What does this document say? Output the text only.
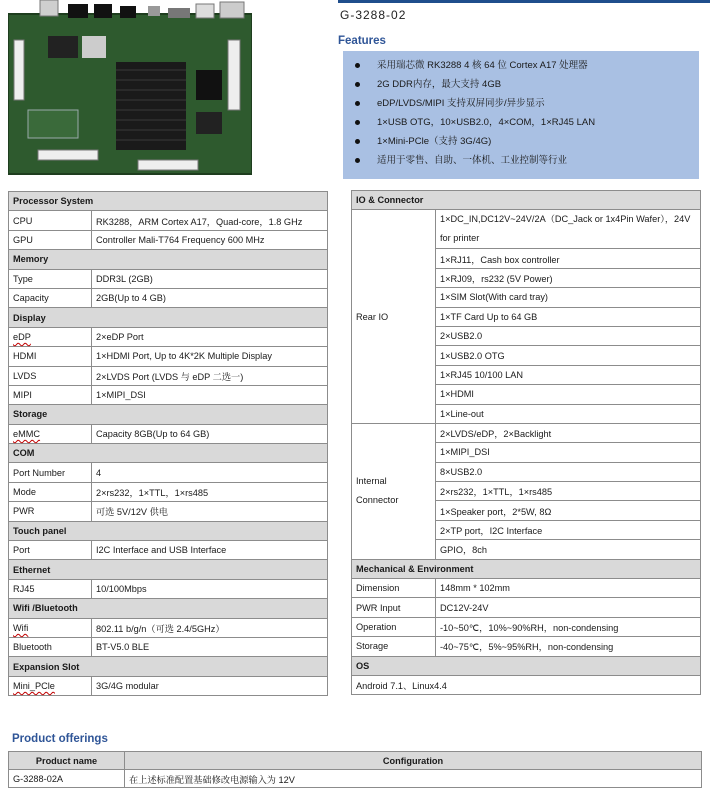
G-3288-02
Features
采用瑞芯微 RK3288 4 核 64 位 Cortex A17 处理器
2G DDR内存，最大支持 4GB
eDP/LVDS/MIPI 支持双屏同步/异步显示
1×USB OTG，10×USB2.0，4×COM，1×RJ45 LAN
1×Mini-PCle（支持 3G/4G)
适用于零售、自助、一体机、工业控制等行业
Processor System	
CPU	RK3288，ARM Cortex A17，Quad-core，1.8 GHz
GPU	Controller Mali-T764 Frequency 600 MHz
Memory	
Type	DDR3L (2GB)
Capacity	2GB(Up to 4 GB)
Display	
eDP	2×eDP Port
HDMI	1×HDMI Port, Up to 4K*2K Multiple Display
LVDS	2×LVDS Port (LVDS 与 eDP 二选一)
MIPI	1×MIPI_DSI
Storage	
eMMC	Capacity 8GB(Up to 64 GB)
COM	
Port Number	4
Mode	2×rs232，1×TTL，1×rs485
PWR	可选 5V/12V 供电
Touch panel	
Port	I2C Interface and USB Interface
Ethernet	
RJ45	10/100Mbps
Wifi /Bluetooth	
Wifi	802.11 b/g/n（可选 2.4/5GHz）
Bluetooth	BT-V5.0 BLE
Expansion Slot	
Mini_PCle	3G/4G modular
IO & Connector	
Rear IO	1×DC_IN,DC12V~24V/2A（DC_Jack or 1x4Pin Wafer），24V for printer
	1×RJ11，Cash box controller
	1×RJ09，rs232 (5V Power)
	1×SIM Slot(With card tray)
	1×TF Card Up to 64 GB
	2×USB2.0
	1×USB2.0 OTG
	1×RJ45 10/100 LAN
	1×HDMI
	1×Line-out
Internal Connector	2×LVDS/eDP，2×Backlight
	1×MIPI_DSI
	8×USB2.0
	2×rs232，1×TTL，1×rs485
	1×Speaker port，2*5W, 8Ω
	2×TP port，I2C Interface
	GPIO，8ch
Mechanical & Environment	
Dimension	148mm * 102mm
PWR Input	DC12V-24V
Operation	-10~50℃，10%~90%RH，non-condensing
Storage	-40~75℃，5%~95%RH，non-condensing
OS	
Android 7.1、Linux4.4	
Product offerings
Product name	Configuration
G-3288-02A	在上述标准配置基础修改电源输入为 12V
